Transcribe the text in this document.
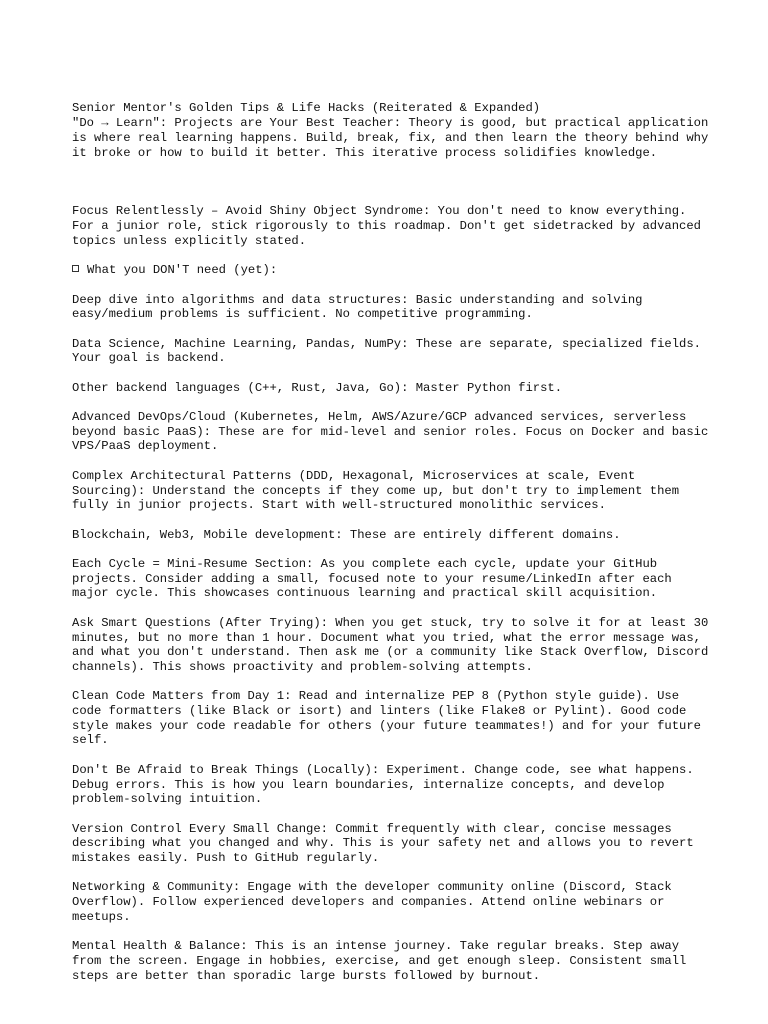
Senior Mentor's Golden Tips & Life Hacks (Reiterated & Expanded)
"Do → Learn": Projects are Your Best Teacher: Theory is good, but practical application is where real learning happens. Build, break, fix, and then learn the theory behind why it broke or how to build it better. This iterative process solidifies knowledge.

Focus Relentlessly – Avoid Shiny Object Syndrome: You don't need to know everything. For a junior role, stick rigorously to this roadmap. Don't get sidetracked by advanced topics unless explicitly stated.
What you DON'T need (yet):
Deep dive into algorithms and data structures: Basic understanding and solving easy/medium problems is sufficient. No competitive programming.
Data Science, Machine Learning, Pandas, NumPy: These are separate, specialized fields. Your goal is backend.
Other backend languages (C++, Rust, Java, Go): Master Python first.
Advanced DevOps/Cloud (Kubernetes, Helm, AWS/Azure/GCP advanced services, serverless beyond basic PaaS): These are for mid-level and senior roles. Focus on Docker and basic VPS/PaaS deployment.
Complex Architectural Patterns (DDD, Hexagonal, Microservices at scale, Event Sourcing): Understand the concepts if they come up, but don't try to implement them fully in junior projects. Start with well-structured monolithic services.
Blockchain, Web3, Mobile development: These are entirely different domains.
Each Cycle = Mini-Resume Section: As you complete each cycle, update your GitHub projects. Consider adding a small, focused note to your resume/LinkedIn after each major cycle. This showcases continuous learning and practical skill acquisition.
Ask Smart Questions (After Trying): When you get stuck, try to solve it for at least 30 minutes, but no more than 1 hour. Document what you tried, what the error message was, and what you don't understand. Then ask me (or a community like Stack Overflow, Discord channels). This shows proactivity and problem-solving attempts.
Clean Code Matters from Day 1: Read and internalize PEP 8 (Python style guide). Use code formatters (like Black or isort) and linters (like Flake8 or Pylint). Good code style makes your code readable for others (your future teammates!) and for your future self.
Don't Be Afraid to Break Things (Locally): Experiment. Change code, see what happens. Debug errors. This is how you learn boundaries, internalize concepts, and develop problem-solving intuition.
Version Control Every Small Change: Commit frequently with clear, concise messages describing what you changed and why. This is your safety net and allows you to revert mistakes easily. Push to GitHub regularly.
Networking & Community: Engage with the developer community online (Discord, Stack Overflow). Follow experienced developers and companies. Attend online webinars or meetups.
Mental Health & Balance: This is an intense journey. Take regular breaks. Step away from the screen. Engage in hobbies, exercise, and get enough sleep. Consistent small steps are better than sporadic large bursts followed by burnout.
